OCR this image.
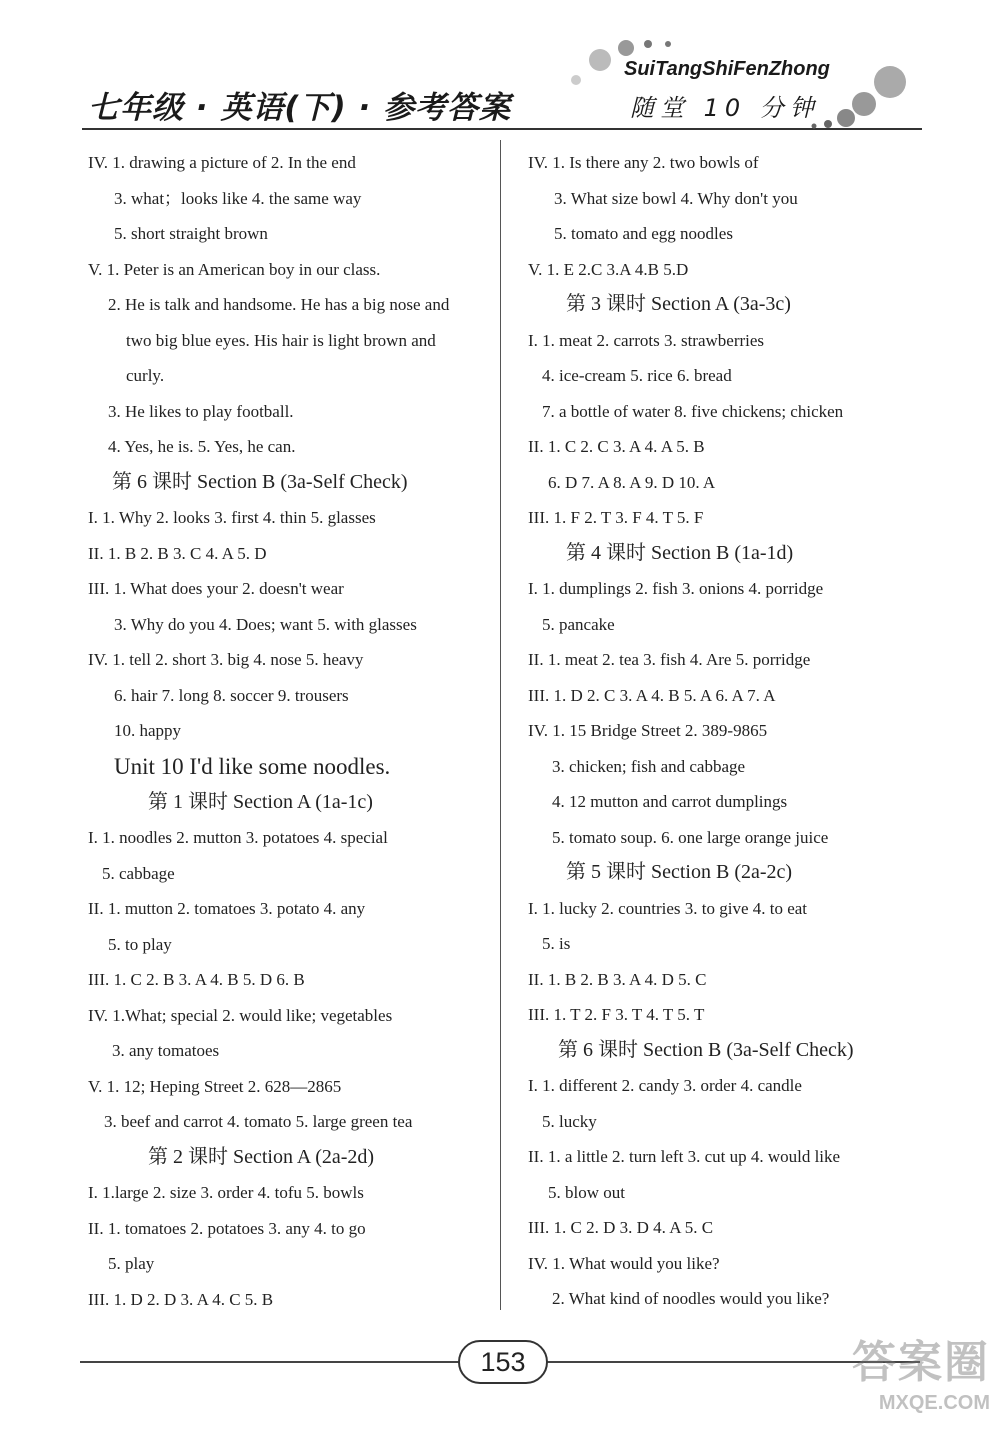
七年级 · 英语(下) · 参考答案
SuiTangShiFenZhong
随堂 10 分钟
IV. 1. drawing a picture of 2. In the end
3. what；looks like 4. the same way
5. short straight brown
V. 1. Peter is an American boy in our class.
2. He is talk and handsome. He has a big nose and
two big blue eyes. His hair is light brown and
curly.
3. He likes to play football.
4. Yes, he is. 5. Yes, he can.
第 6 课时 Section B (3a-Self Check)
I. 1. Why 2. looks 3. first 4. thin 5. glasses
II. 1. B 2. B 3. C 4. A 5. D
III. 1. What does your 2. doesn't wear
3. Why do you 4. Does; want 5. with glasses
IV. 1. tell 2. short 3. big 4. nose 5. heavy
6. hair 7. long 8. soccer 9. trousers
10. happy
Unit 10 I'd like some noodles.
第 1 课时 Section A (1a-1c)
I. 1. noodles 2. mutton 3. potatoes 4. special
5. cabbage
II. 1. mutton 2. tomatoes 3. potato 4. any
5. to play
III. 1. C 2. B 3. A 4. B 5. D 6. B
IV. 1.What; special 2. would like; vegetables
3. any tomatoes
V. 1. 12; Heping Street 2. 628—2865
3. beef and carrot 4. tomato 5. large green tea
第 2 课时 Section A (2a-2d)
I. 1.large 2. size 3. order 4. tofu 5. bowls
II. 1. tomatoes 2. potatoes 3. any 4. to go
5. play
III. 1. D 2. D 3. A 4. C 5. B
IV. 1. Is there any 2. two bowls of
3. What size bowl 4. Why don't you
5. tomato and egg noodles
V. 1. E 2.C 3.A 4.B 5.D
第 3 课时 Section A (3a-3c)
I. 1. meat 2. carrots 3. strawberries
4. ice-cream 5. rice 6. bread
7. a bottle of water 8. five chickens; chicken
II. 1. C 2. C 3. A 4. A 5. B
6. D 7. A 8. A 9. D 10. A
III. 1. F 2. T 3. F 4. T 5. F
第 4 课时 Section B (1a-1d)
I. 1. dumplings 2. fish 3. onions 4. porridge
5. pancake
II. 1. meat 2. tea 3. fish 4. Are 5. porridge
III. 1. D 2. C 3. A 4. B 5. A 6. A 7. A
IV. 1. 15 Bridge Street 2. 389-9865
3. chicken; fish and cabbage
4. 12 mutton and carrot dumplings
5. tomato soup. 6. one large orange juice
第 5 课时 Section B (2a-2c)
I. 1. lucky 2. countries 3. to give 4. to eat
5. is
II. 1. B 2. B 3. A 4. D 5. C
III. 1. T 2. F 3. T 4. T 5. T
第 6 课时 Section B (3a-Self Check)
I. 1. different 2. candy 3. order 4. candle
5. lucky
II. 1. a little 2. turn left 3. cut up 4. would like
5. blow out
III. 1. C 2. D 3. D 4. A 5. C
IV. 1. What would you like?
2. What kind of noodles would you like?
153	答案圈
MXQE.COM
